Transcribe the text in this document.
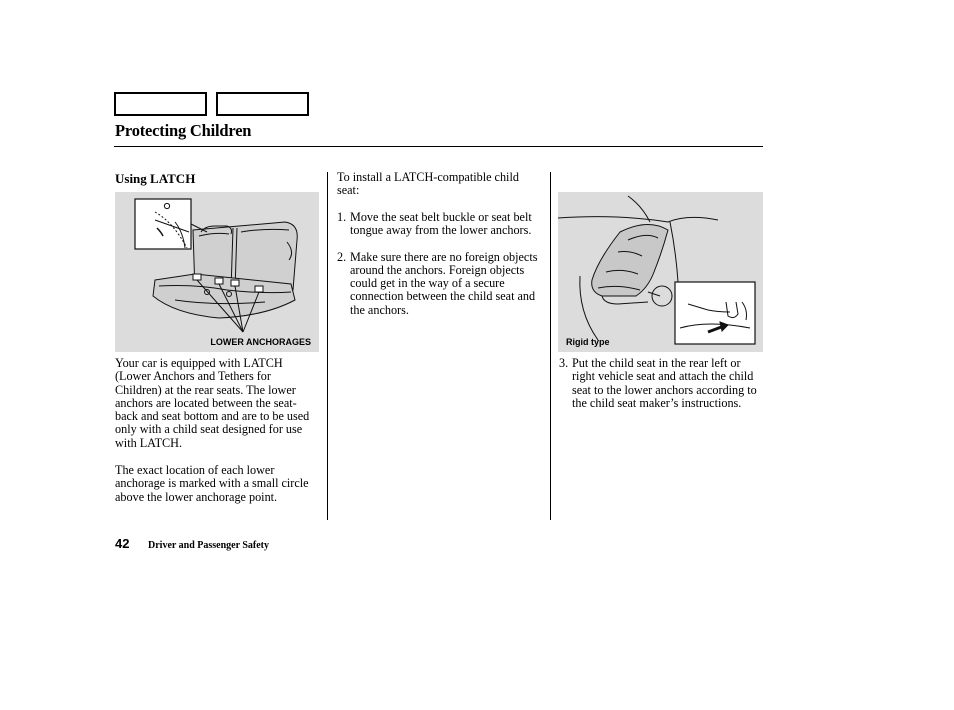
Protecting Children
Using LATCH
LOWER ANCHORAGES

Your car is equipped with LATCH (Lower Anchors and Tethers for Children) at the rear seats. The lower anchors are located between the seat-back and seat bottom and are to be used only with a child seat designed for use with LATCH.

The exact location of each lower anchorage is marked with a small circle above the lower anchorage point.

To install a LATCH-compatible child seat:

1. Move the seat belt buckle or seat belt tongue away from the lower anchors.
2. Make sure there are no foreign objects around the anchors. Foreign objects could get in the way of a secure connection between the child seat and the anchors.
Rigid type
3. Put the child seat in the rear left or right vehicle seat and attach the child seat to the lower anchors according to the child seat maker’s instructions.
42 Driver and Passenger Safety
